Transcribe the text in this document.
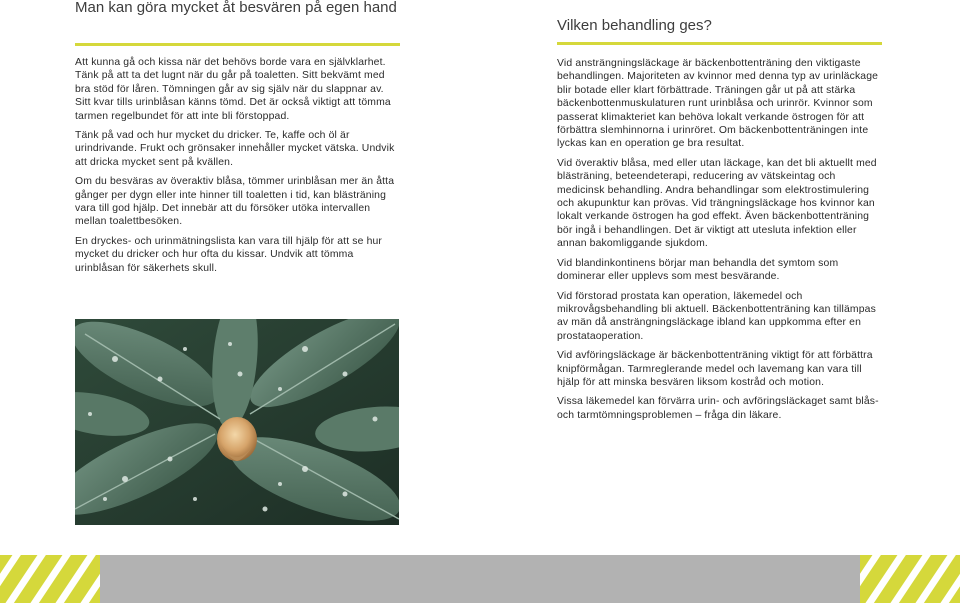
Man kan göra mycket åt besvären på egen hand

Att kunna gå och kissa när det behövs borde vara en självklarhet. Tänk på att ta det lugnt när du går på toaletten. Sitt bekvämt med bra stöd för låren. Tömningen går av sig själv när du slappnar av. Sitt kvar tills urinblåsan känns tömd. Det är också viktigt att tömma tarmen regelbundet för att inte bli förstoppad.

Tänk på vad och hur mycket du dricker. Te, kaffe och öl är urindrivande. Frukt och grönsaker innehåller mycket vätska. Undvik att dricka mycket sent på kvällen.

Om du besväras av överaktiv blåsa, tömmer urinblåsan mer än åtta gånger per dygn eller inte hinner till toaletten i tid, kan blästräning vara till god hjälp. Det innebär att du försöker utöka intervallen mellan toalettbesöken.

En dryckes- och urinmätningslista kan vara till hjälp för att se hur mycket du dricker och hur ofta du kissar. Undvik att tömma urinblåsan för säkerhets skull.

Vilken behandling ges?

Vid ansträngningsläckage är bäckenbottenträning den viktigaste behandlingen. Majoriteten av kvinnor med denna typ av urinläckage blir botade eller klart förbättrade. Träningen går ut på att stärka bäckenbottenmuskulaturen runt urinblåsa och urinrör. Kvinnor som passerat klimakteriet kan behöva lokalt verkande östrogen för att förbättra slemhinnorna i urinröret. Om bäckenbottenträningen inte lyckas kan en operation ge bra resultat.

Vid överaktiv blåsa, med eller utan läckage, kan det bli aktuellt med blästräning, beteendeterapi, reducering av vätskeintag och medicinsk behandling. Andra behandlingar som elektrostimulering och akupunktur kan prövas. Vid trängningsläckage hos kvinnor kan lokalt verkande östrogen ha god effekt. Även bäckenbottenträning bör ingå i behandlingen. Det är viktigt att utesluta infektion eller annan bakomliggande sjukdom.

Vid blandinkontinens börjar man behandla det symtom som dominerar eller upplevs som mest besvärande.

Vid förstorad prostata kan operation, läkemedel och mikrovågsbehandling bli aktuell. Bäckenbottenträning kan tillämpas av män då ansträngningsläckage ibland kan uppkomma efter en prostataoperation.

Vid avföringsläckage är bäckenbottenträning viktigt för att förbättra knipförmågan. Tarmreglerande medel och lavemang kan vara till hjälp för att minska besvären liksom kostråd och motion.

Vissa läkemedel kan förvärra urin- och avföringsläckaget samt blås- och tarmtömningsproblemen – fråga din läkare.
